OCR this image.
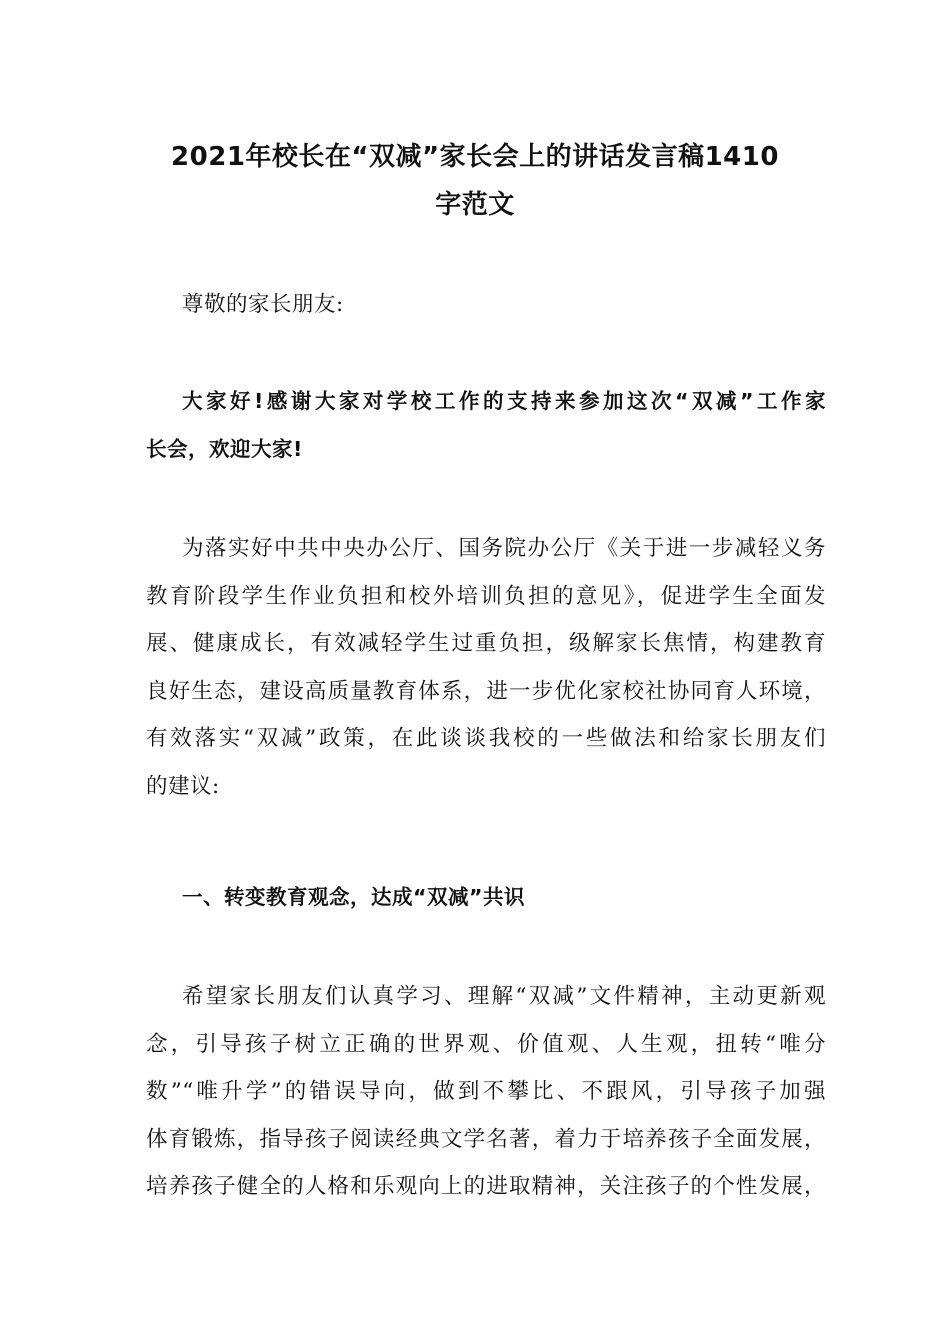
2021年校长在“双减”家长会上的讲话发言稿1410
字范文

尊敬的家长朋友:

大家好!感谢大家对学校工作的支持来参加这次“双减”工作家
长会，欢迎大家!

为落实好中共中央办公厅、国务院办公厅《关于进一步减轻义务
教育阶段学生作业负担和校外培训负担的意见》，促进学生全面发
展、健康成长，有效减轻学生过重负担，级解家长焦情，构建教育
良好生态，建设高质量教育体系，进一步优化家校社协同育人环境，
有效落实“双减”政策，在此谈谈我校的一些做法和给家长朋友们
的建议:

一、转变教育观念，达成“双减”共识

希望家长朋友们认真学习、理解“双减”文件精神，主动更新观
念，引导孩子树立正确的世界观、价值观、人生观，扭转“唯分
数”“唯升学”的错误导向，做到不攀比、不跟风，引导孩子加强
体育锻炼，指导孩子阅读经典文学名著，着力于培养孩子全面发展，
培养孩子健全的人格和乐观向上的进取精神，关注孩子的个性发展，
